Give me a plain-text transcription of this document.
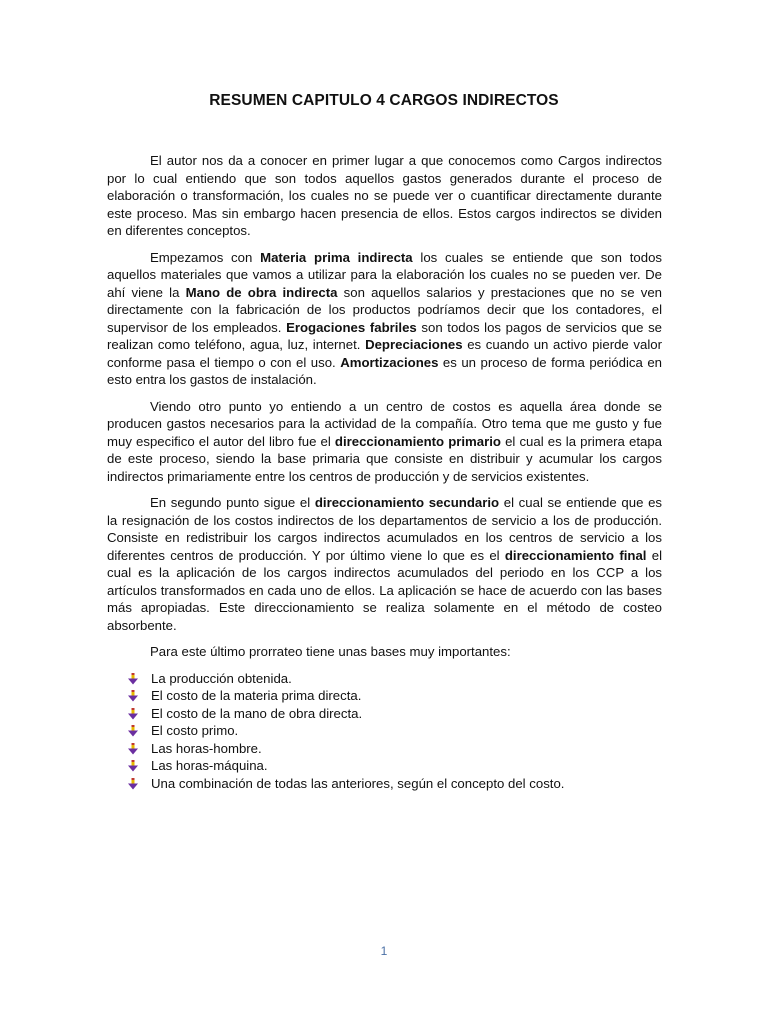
RESUMEN CAPITULO 4 CARGOS INDIRECTOS

El autor nos da a conocer en primer lugar a que conocemos como Cargos indirectos por lo cual entiendo que son todos aquellos gastos generados durante el proceso de elaboración o transformación, los cuales no se puede ver o cuantificar directamente durante este proceso. Mas sin embargo hacen presencia de ellos. Estos cargos indirectos se dividen en diferentes conceptos.

Empezamos con Materia prima indirecta los cuales se entiende que son todos aquellos materiales que vamos a utilizar para la elaboración los cuales no se pueden ver. De ahí viene la Mano de obra indirecta son aquellos salarios y prestaciones que no se ven directamente con la fabricación de los productos podríamos decir que los contadores, el supervisor de los empleados. Erogaciones fabriles son todos los pagos de servicios que se realizan como teléfono, agua, luz, internet. Depreciaciones es cuando un activo pierde valor conforme pasa el tiempo o con el uso. Amortizaciones es un proceso de forma periódica en esto entra los gastos de instalación.

Viendo otro punto yo entiendo a un centro de costos es aquella área donde se producen gastos necesarios para la actividad de la compañía. Otro tema que me gusto y fue muy especifico el autor del libro fue el direccionamiento primario el cual es la primera etapa de este proceso, siendo la base primaria que consiste en distribuir y acumular los cargos indirectos primariamente entre los centros de producción y de servicios existentes.

En segundo punto sigue el direccionamiento secundario el cual se entiende que es la resignación de los costos indirectos de los departamentos de servicio a los de producción. Consiste en redistribuir los cargos indirectos acumulados en los centros de servicio a los diferentes centros de producción. Y por último viene lo que es el direccionamiento final el cual es la aplicación de los cargos indirectos acumulados del periodo en los CCP a los artículos transformados en cada uno de ellos. La aplicación se hace de acuerdo con las bases más apropiadas. Este direccionamiento se realiza solamente en el método de costeo absorbente.

Para este último prorrateo tiene unas bases muy importantes:

La producción obtenida.
El costo de la materia prima directa.
El costo de la mano de obra directa.
El costo primo.
Las horas-hombre.
Las horas-máquina.
Una combinación de todas las anteriores, según el concepto del costo.
1
